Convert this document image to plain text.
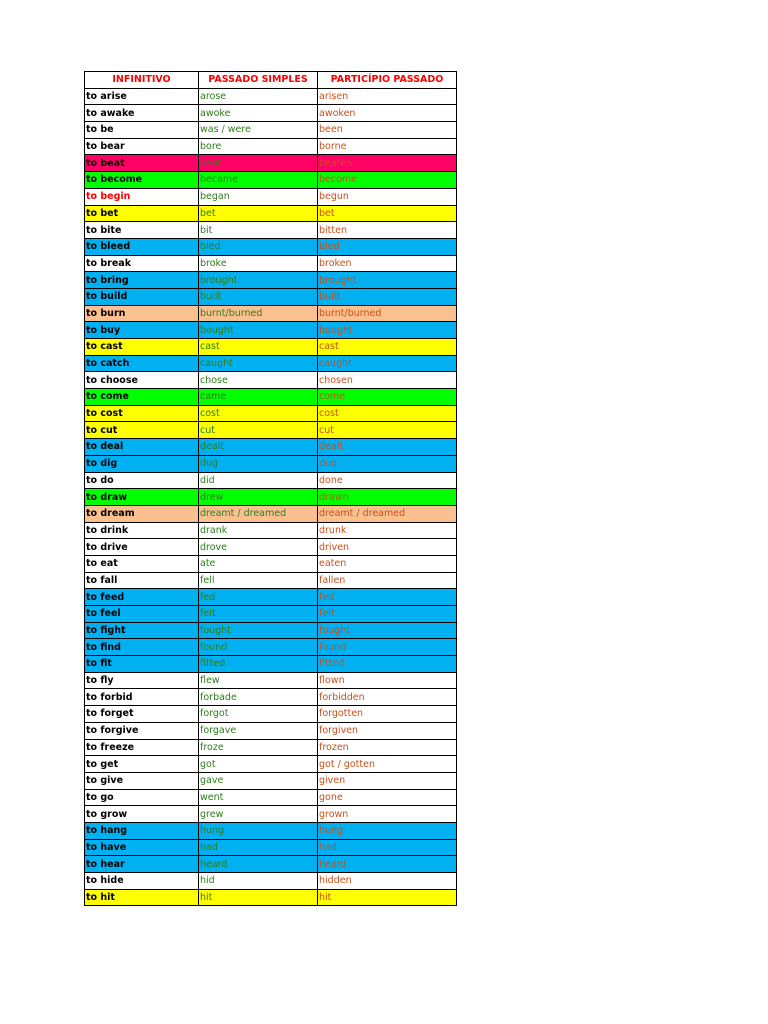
INFINITIVO	PASSADO SIMPLES	PARTICÍPIO PASSADO
to arise	arose	arisen
to awake	awoke	awoken
to be	was / were	been
to bear	bore	borne
to beat	beat	beaten
to become	became	become
to begin	began	begun
to bet	bet	bet
to bite	bit	bitten
to bleed	bled	bled
to break	broke	broken
to bring	brought	brought
to build	built	built
to burn	burnt/burned	burnt/burned
to buy	bought	bought
to cast	cast	cast
to catch	caught	caught
to choose	chose	chosen
to come	came	come
to cost	cost	cost
to cut	cut	cut
to deal	dealt	dealt
to dig	dug	dug
to do	did	done
to draw	drew	drawn
to dream	dreamt / dreamed	dreamt / dreamed
to drink	drank	drunk
to drive	drove	driven
to eat	ate	eaten
to fall	fell	fallen
to feed	fed	fed
to feel	felt	felt
to fight	fought	fought
to find	found	found
to fit	fitted	fitted
to fly	flew	flown
to forbid	forbade	forbidden
to forget	forgot	forgotten
to forgive	forgave	forgiven
to freeze	froze	frozen
to get	got	got / gotten
to give	gave	given
to go	went	gone
to grow	grew	grown
to hang	hung	hung
to have	had	had
to hear	heard	heard
to hide	hid	hidden
to hit	hit	hit
